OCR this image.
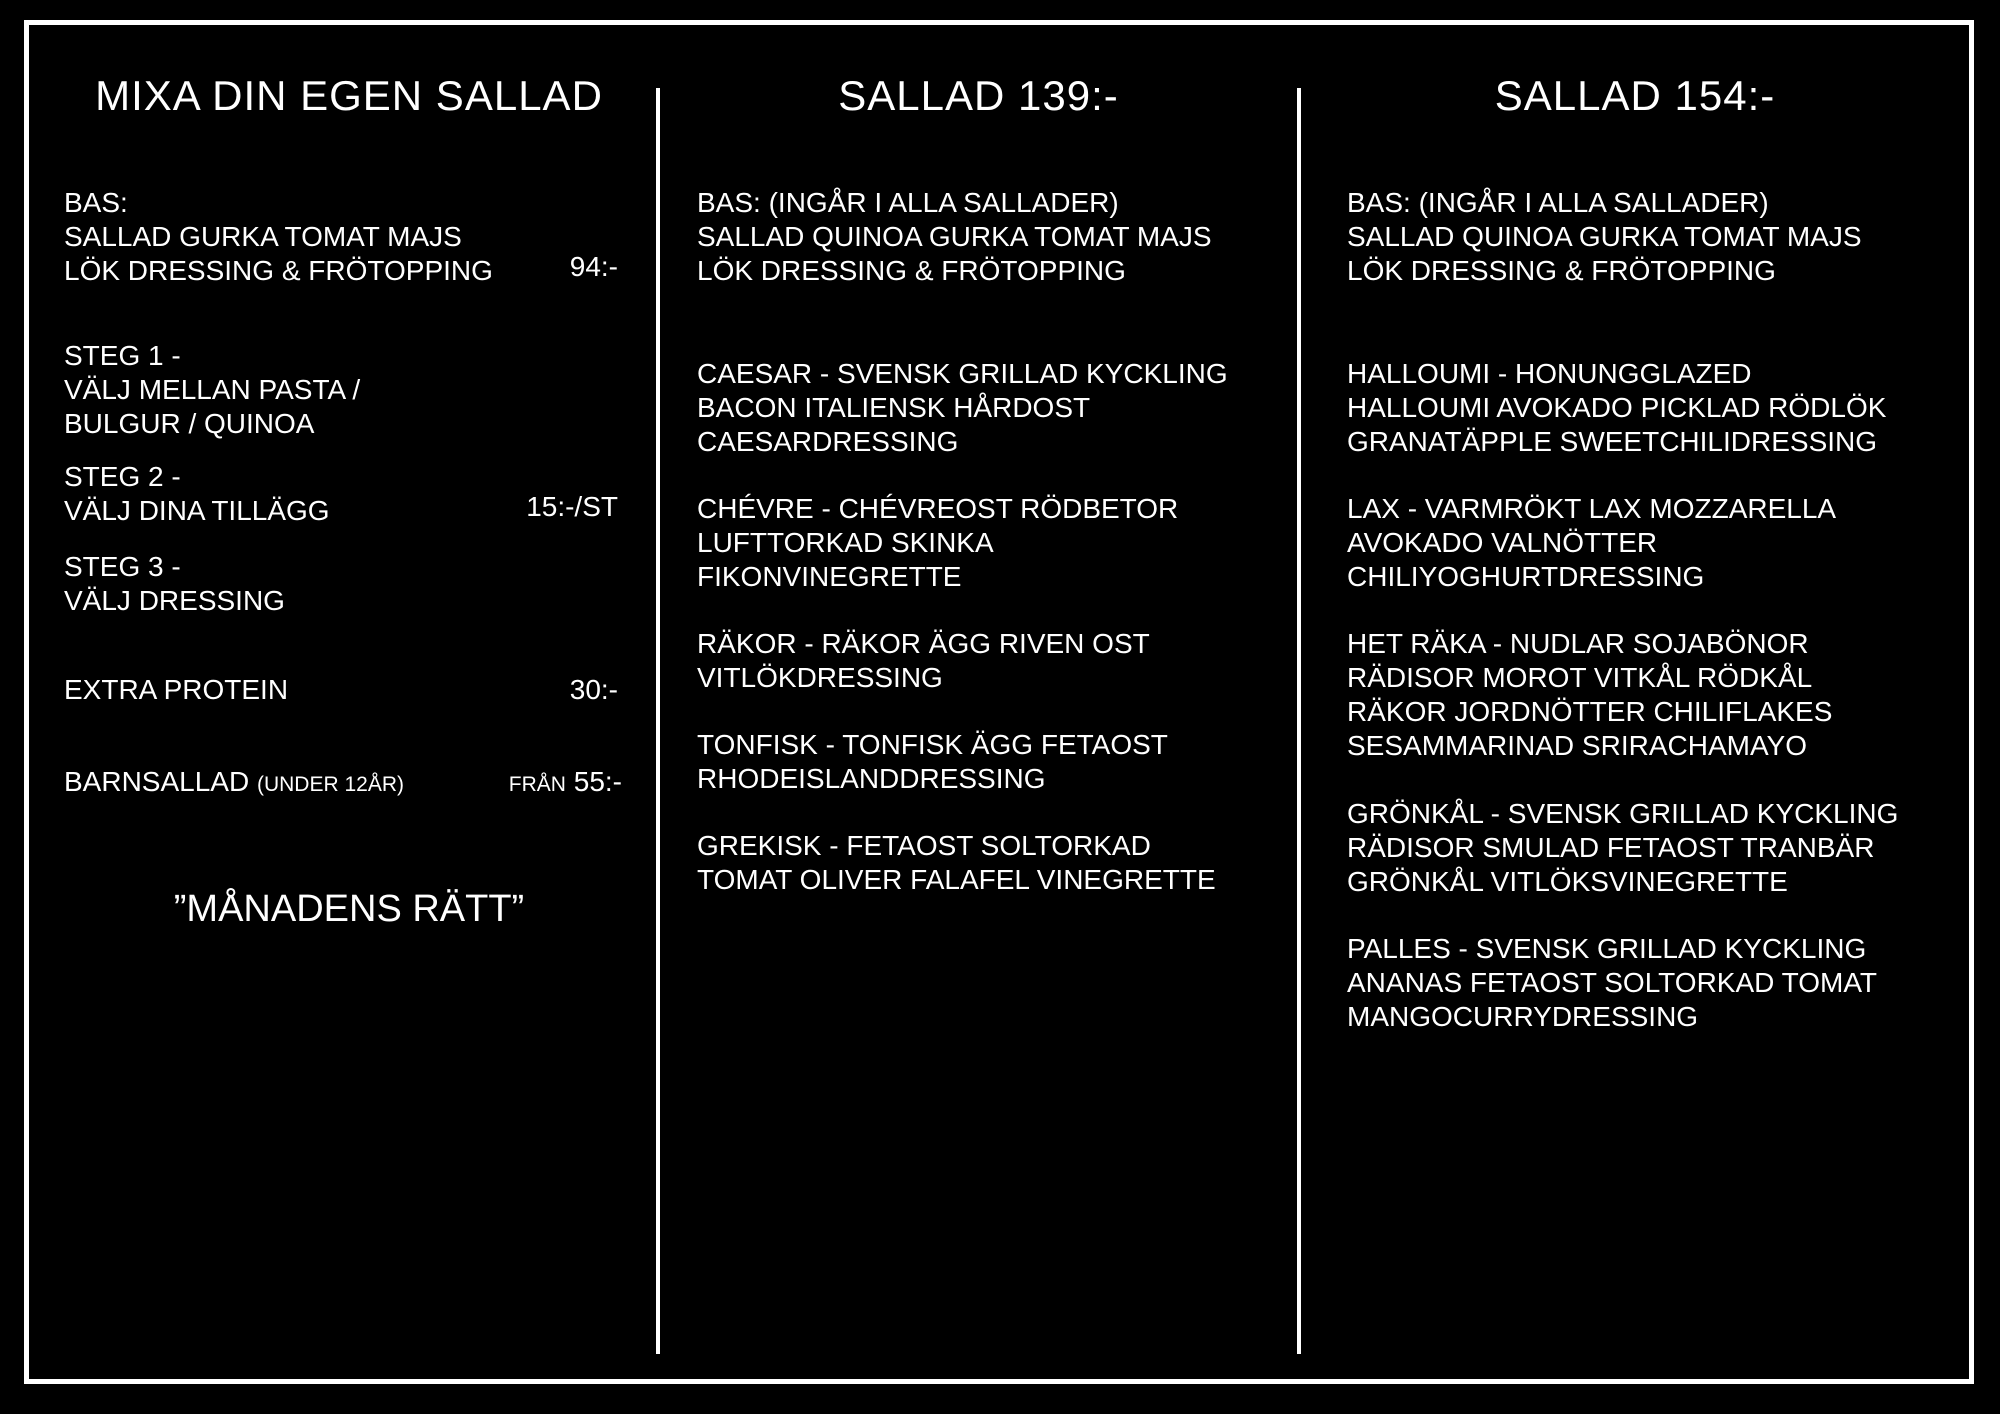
MIXA DIN EGEN SALLAD
BAS:
SALLAD GURKA TOMAT MAJS
LÖK DRESSING & FRÖTOPPING	94:-
STEG 1 -
VÄLJ MELLAN PASTA /
BULGUR / QUINOA
STEG 2 -
VÄLJ DINA TILLÄGG	15:-/ST
STEG 3 -
VÄLJ DRESSING
EXTRA PROTEIN	30:-
BARNSALLAD (UNDER 12ÅR)	FRÅN 55:-
”MÅNADENS RÄTT”
SALLAD 139:-
BAS: (INGÅR I ALLA SALLADER)
SALLAD QUINOA GURKA TOMAT MAJS
LÖK DRESSING & FRÖTOPPING
CAESAR - SVENSK GRILLAD KYCKLING
BACON ITALIENSK HÅRDOST
CAESARDRESSING
CHÉVRE - CHÉVREOST RÖDBETOR
LUFTTORKAD SKINKA
FIKONVINEGRETTE
RÄKOR - RÄKOR ÄGG RIVEN OST
VITLÖKDRESSING
TONFISK - TONFISK ÄGG FETAOST
RHODEISLANDDRESSING
GREKISK - FETAOST SOLTORKAD
TOMAT OLIVER FALAFEL VINEGRETTE
SALLAD 154:-
BAS: (INGÅR I ALLA SALLADER)
SALLAD QUINOA GURKA TOMAT MAJS
LÖK DRESSING & FRÖTOPPING
HALLOUMI - HONUNGGLAZED
HALLOUMI AVOKADO PICKLAD RÖDLÖK
GRANATÄPPLE SWEETCHILIDRESSING
LAX - VARMRÖKT LAX MOZZARELLA
AVOKADO VALNÖTTER
CHILIYOGHURTDRESSING
HET RÄKA - NUDLAR SOJABÖNOR
RÄDISOR MOROT VITKÅL RÖDKÅL
RÄKOR JORDNÖTTER CHILIFLAKES
SESAMMARINAD SRIRACHAMAYO
GRÖNKÅL - SVENSK GRILLAD KYCKLING
RÄDISOR SMULAD FETAOST TRANBÄR
GRÖNKÅL VITLÖKSVINEGRETTE
PALLES - SVENSK GRILLAD KYCKLING
ANANAS FETAOST SOLTORKAD TOMAT
MANGOCURRYDRESSING
